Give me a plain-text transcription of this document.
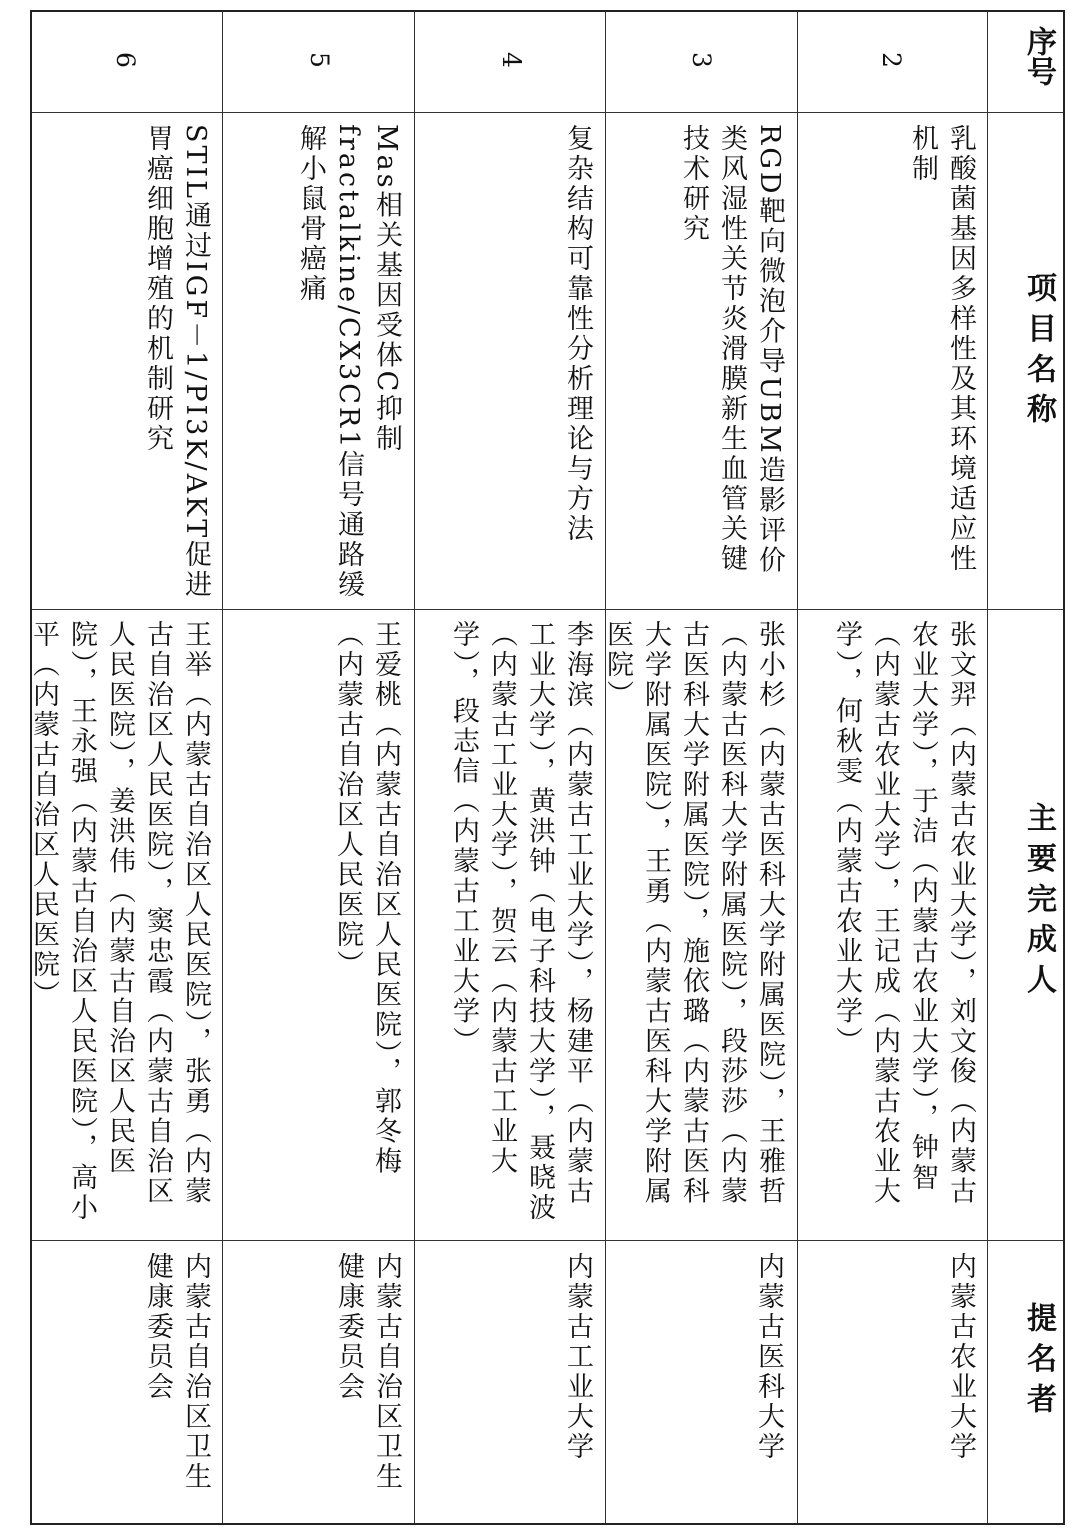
序号
项 目 名 称
主 要 完 成 人
提 名 者
2
乳酸菌基因多样性及其环境适应性机制
张文羿（内蒙古农业大学），刘文俊（内蒙古农业大学），于洁（内蒙古农业大学），钟智（内蒙古农业大学），王记成（内蒙古农业大学），何秋雯（内蒙古农业大学）
内蒙古农业大学
3
RGD靶向微泡介导UBM造影评价类风湿性关节炎滑膜新生血管关键技术研究
张小杉（内蒙古医科大学附属医院），王雅哲（内蒙古医科大学附属医院），段莎莎（内蒙古医科大学附属医院），施依璐（内蒙古医科大学附属医院），王勇（内蒙古医科大学附属医院）
内蒙古医科大学
4
复杂结构可靠性分析理论与方法
李海滨（内蒙古工业大学），杨建平（内蒙古工业大学），黄洪钟（电子科技大学），聂晓波（内蒙古工业大学），贺云（内蒙古工业大学），段志信（内蒙古工业大学）
内蒙古工业大学
5
Mas相关基因受体C抑制fractalkine/CX3CR1信号通路缓解小鼠骨癌痛
王爱桃（内蒙古自治区人民医院），郭冬梅（内蒙古自治区人民医院）
内蒙古自治区卫生健康委员会
6
STIL通过IGF－1/PI3K/AKT促进胃癌细胞增殖的机制研究
王举（内蒙古自治区人民医院），张勇（内蒙古自治区人民医院），窦忠霞（内蒙古自治区人民医院），姜洪伟（内蒙古自治区人民医院），王永强（内蒙古自治区人民医院），高小平（内蒙古自治区人民医院）
内蒙古自治区卫生健康委员会
